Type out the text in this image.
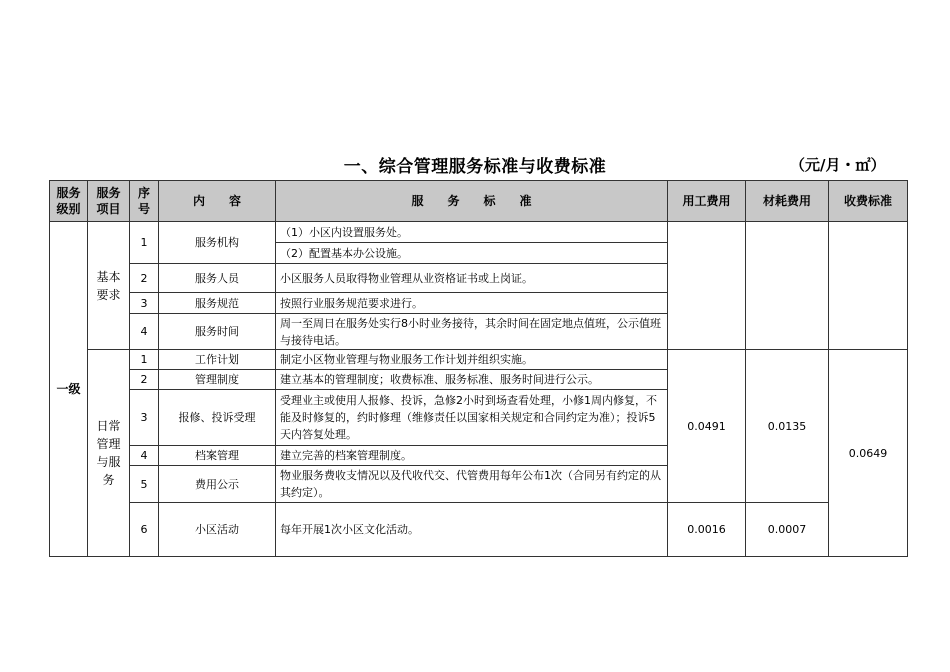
一、综合管理服务标准与收费标准	（元/月・㎡）
服务级别	服务项目	序号	内　　容	服　　务　　标　　准	用工费用	材耗费用	收费标准
一级	基本要求	1	服务机构	（1）小区内设置服务处。			
				（2）配置基本办公设施。			
		2	服务人员	小区服务人员取得物业管理从业资格证书或上岗证。			
		3	服务规范	按照行业服务规范要求进行。			
		4	服务时间	周一至周日在服务处实行8小时业务接待，其余时间在固定地点值班，公示值班与接待电话。			
	日常管理与服务	1	工作计划	制定小区物业管理与物业服务工作计划并组织实施。	0.0491	0.0135	0.0649
		2	管理制度	建立基本的管理制度；收费标准、服务标准、服务时间进行公示。			
		3	报修、投诉受理	受理业主或使用人报修、投诉，急修2小时到场查看处理，小修1周内修复，不能及时修复的，约时修理（维修责任以国家相关规定和合同约定为准）；投诉5天内答复处理。			
		4	档案管理	建立完善的档案管理制度。			
		5	费用公示	物业服务费收支情况以及代收代交、代管费用每年公布1次（合同另有约定的从其约定）。			
		6	小区活动	每年开展1次小区文化活动。	0.0016	0.0007	
